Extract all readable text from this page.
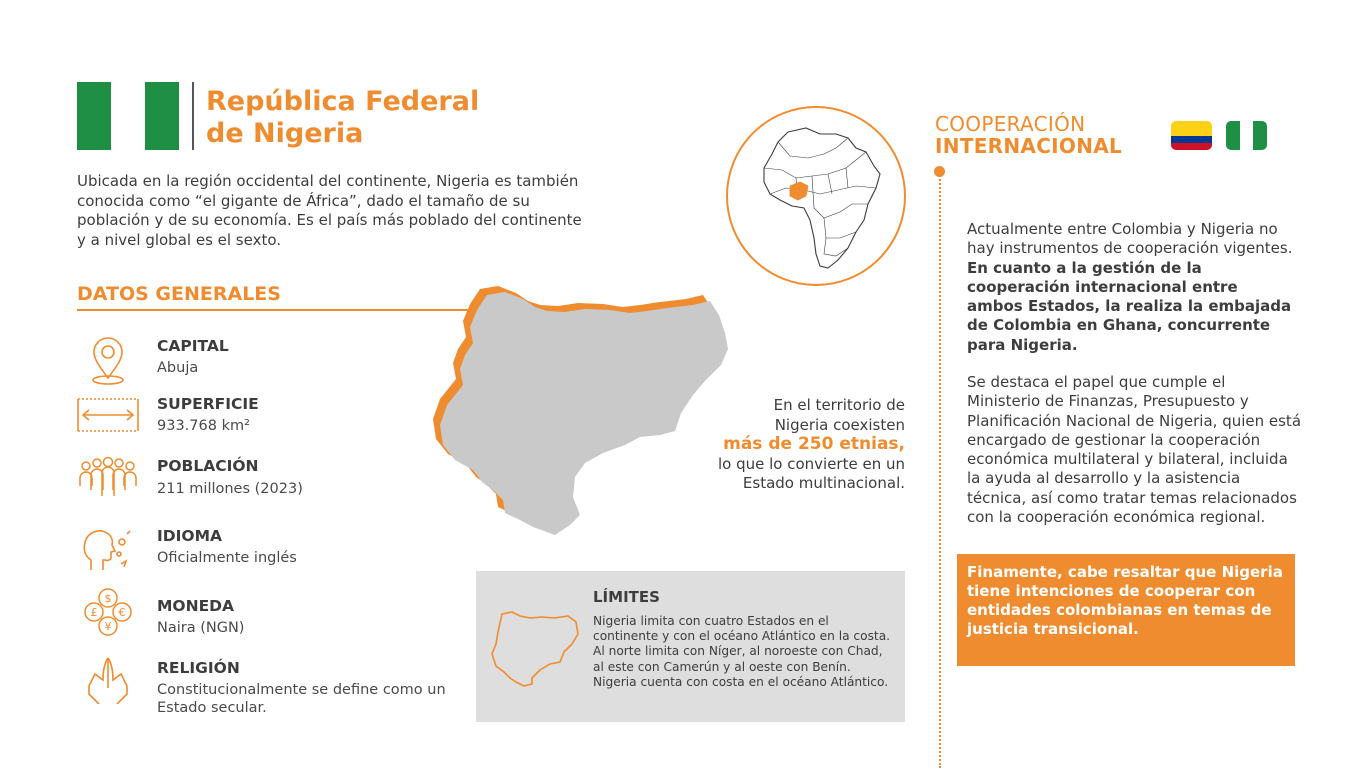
República Federal
de Nigeria
Ubicada en la región occidental del continente, Nigeria es también conocida como “el gigante de África”, dado el tamaño de su población y de su economía. Es el país más poblado del continente y a nivel global es el sexto.
DATOS GENERALES
CAPITAL
Abuja
SUPERFICIE
933.768 km²
POBLACIÓN
211 millones (2023)
IDIOMA
Oficialmente inglés
$
£ €
¥
MONEDA
Naira (NGN)
RELIGIÓN
Constitucionalmente se define como un Estado secular.
En el territorio de
Nigeria coexisten
más de 250 etnias,
lo que lo convierte en un
Estado multinacional.
LÍMITES
Nigeria limita con cuatro Estados en el continente y con el océano Atlántico en la costa. Al norte limita con Níger, al noroeste con Chad, al este con Camerún y al oeste con Benín. Nigeria cuenta con costa en el océano Atlántico.
COOPERACIÓN
INTERNACIONAL
Actualmente entre Colombia y Nigeria no hay instrumentos de cooperación vigentes. En cuanto a la gestión de la cooperación internacional entre ambos Estados, la realiza la embajada de Colombia en Ghana, concurrente para Nigeria.
Se destaca el papel que cumple el Ministerio de Finanzas, Presupuesto y Planificación Nacional de Nigeria, quien está encargado de gestionar la cooperación económica multilateral y bilateral, incluida la ayuda al desarrollo y la asistencia técnica, así como tratar temas relacionados con la cooperación económica regional.
Finamente, cabe resaltar que Nigeria tiene intenciones de cooperar con entidades colombianas en temas de justicia transicional.
